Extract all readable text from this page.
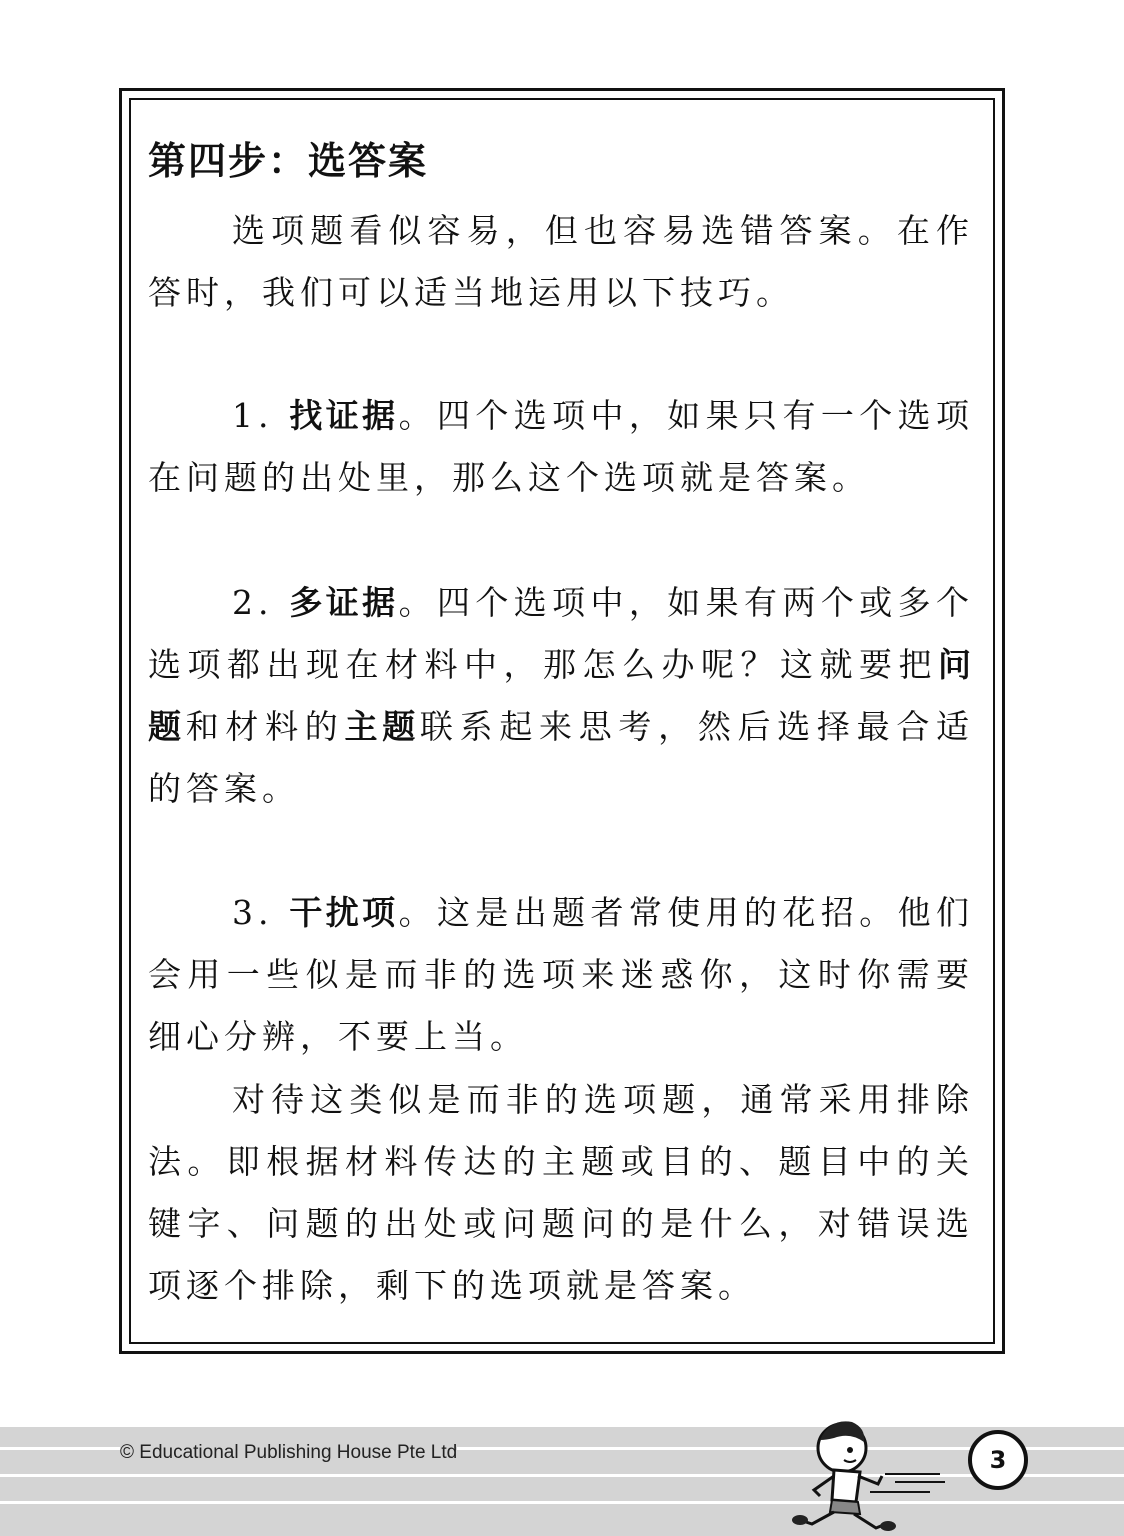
第四步：选答案

选项题看似容易，但也容易选错答案。在作答时，我们可以适当地运用以下技巧。

1. 找证据。四个选项中，如果只有一个选项在问题的出处里，那么这个选项就是答案。

2. 多证据。四个选项中，如果有两个或多个选项都出现在材料中，那怎么办呢？这就要把问题和材料的主题联系起来思考，然后选择最合适的答案。

3. 干扰项。这是出题者常使用的花招。他们会用一些似是而非的选项来迷惑你，这时你需要细心分辨，不要上当。

对待这类似是而非的选项题，通常采用排除法。即根据材料传达的主题或目的、题目中的关键字、问题的出处或问题问的是什么，对错误选项逐个排除，剩下的选项就是答案。

© Educational Publishing House Pte Ltd	3
